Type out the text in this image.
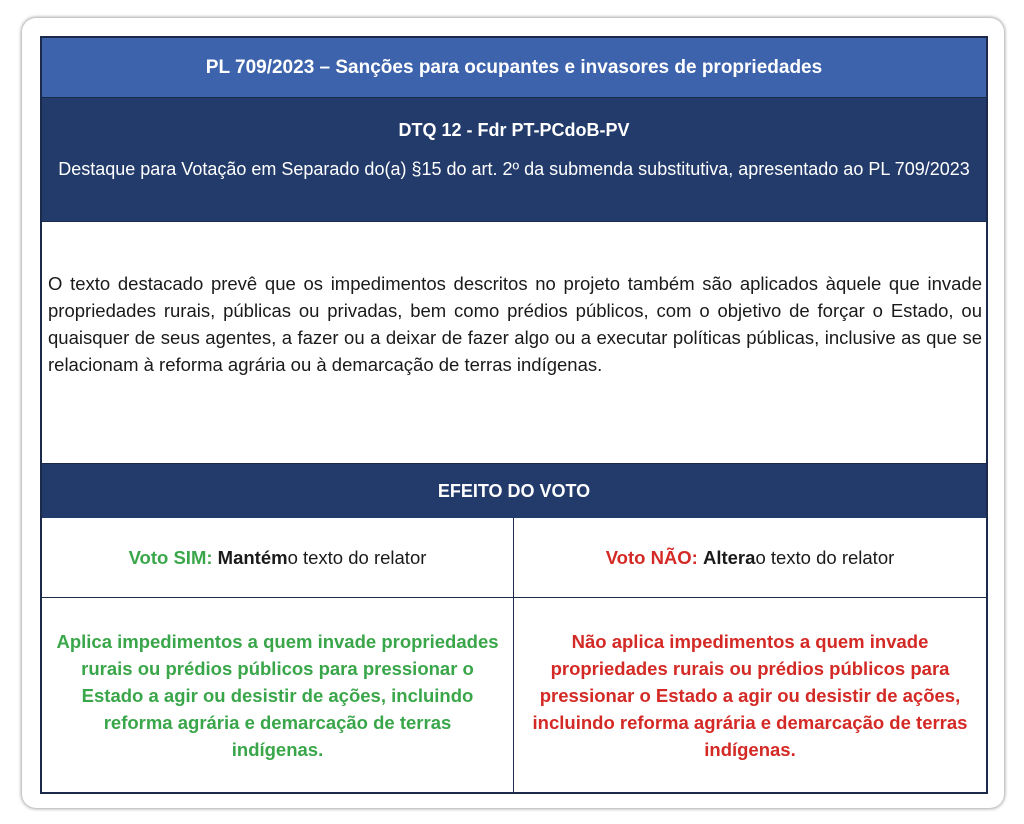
PL 709/2023 – Sanções para ocupantes e invasores de propriedades
DTQ 12 - Fdr PT-PCdoB-PV
Destaque para Votação em Separado do(a) §15 do art. 2º da submenda substitutiva, apresentado ao PL 709/2023

O texto destacado prevê que os impedimentos descritos no projeto também são aplicados àquele que invade propriedades rurais, públicas ou privadas, bem como prédios públicos, com o objetivo de forçar o Estado, ou quaisquer de seus agentes, a fazer ou a deixar de fazer algo ou a executar políticas públicas, inclusive as que se relacionam à reforma agrária ou à demarcação de terras indígenas.

EFEITO DO VOTO
Voto SIM:
Mantém o texto do relator	Voto NÃO:
Altera o texto do relator
Aplica impedimentos a quem invade propriedades rurais ou prédios públicos para pressionar o Estado a agir ou desistir de ações, incluindo reforma agrária e demarcação de terras indígenas.
Não aplica impedimentos a quem invade propriedades rurais ou prédios públicos para pressionar o Estado a agir ou desistir de ações, incluindo reforma agrária e demarcação de terras indígenas.
